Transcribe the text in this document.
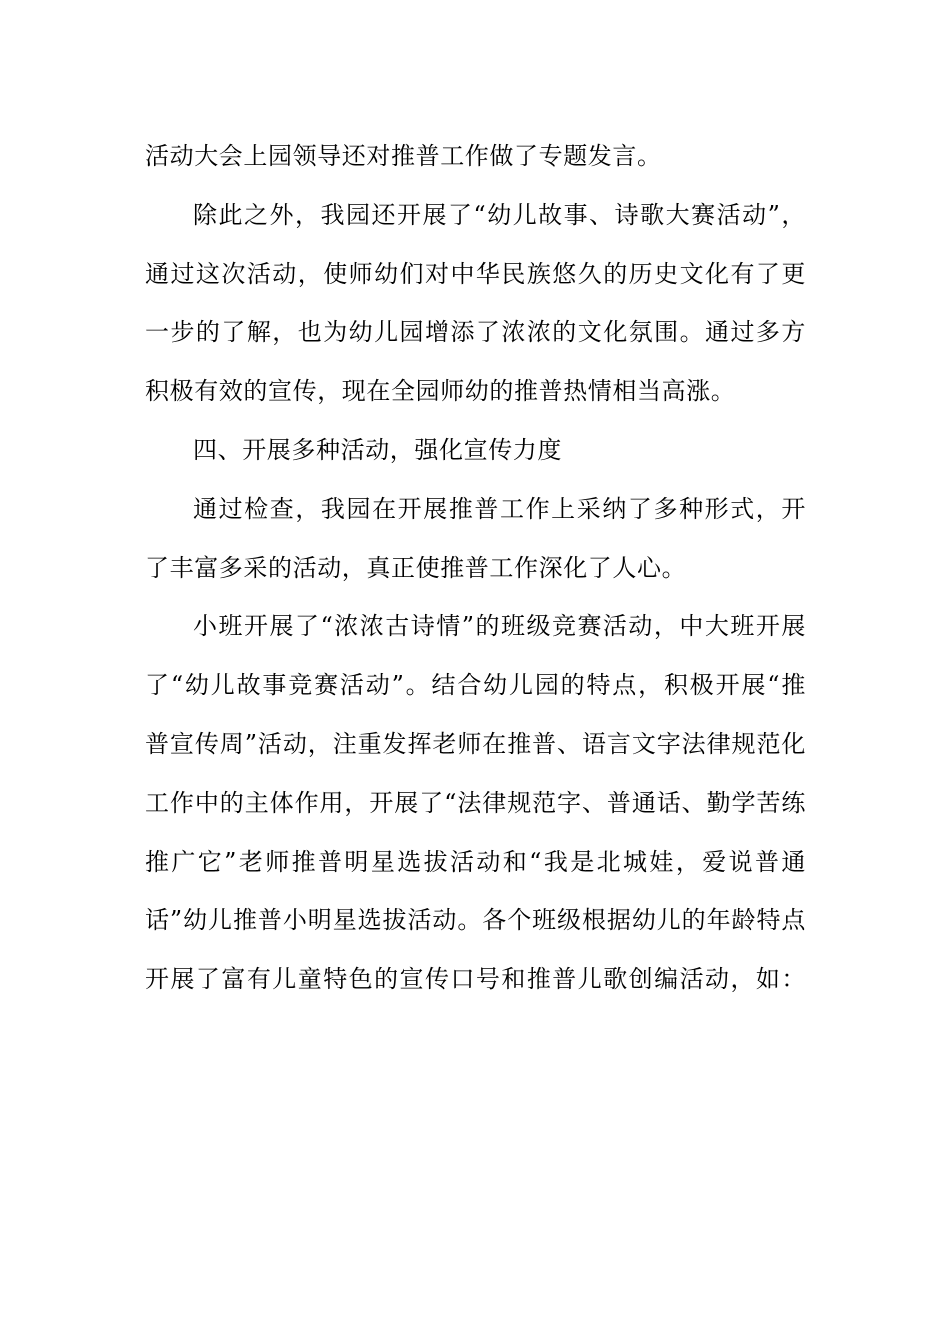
活动大会上园领导还对推普工作做了专题发言。
除此之外，我园还开展了“幼儿故事、诗歌大赛活动”，
通过这次活动，使师幼们对中华民族悠久的历史文化有了更
一步的了解，也为幼儿园增添了浓浓的文化氛围。通过多方
积极有效的宣传，现在全园师幼的推普热情相当高涨。
四、开展多种活动，强化宣传力度
通过检查，我园在开展推普工作上采纳了多种形式，开
了丰富多采的活动，真正使推普工作深化了人心。
小班开展了“浓浓古诗情”的班级竞赛活动，中大班开展
了“幼儿故事竞赛活动”。结合幼儿园的特点，积极开展“推
普宣传周”活动，注重发挥老师在推普、语言文字法律规范化
工作中的主体作用，开展了“法律规范字、普通话、勤学苦练
推广它”老师推普明星选拔活动和“我是北城娃，爱说普通
话”幼儿推普小明星选拔活动。各个班级根据幼儿的年龄特点
开展了富有儿童特色的宣传口号和推普儿歌创编活动，如：
